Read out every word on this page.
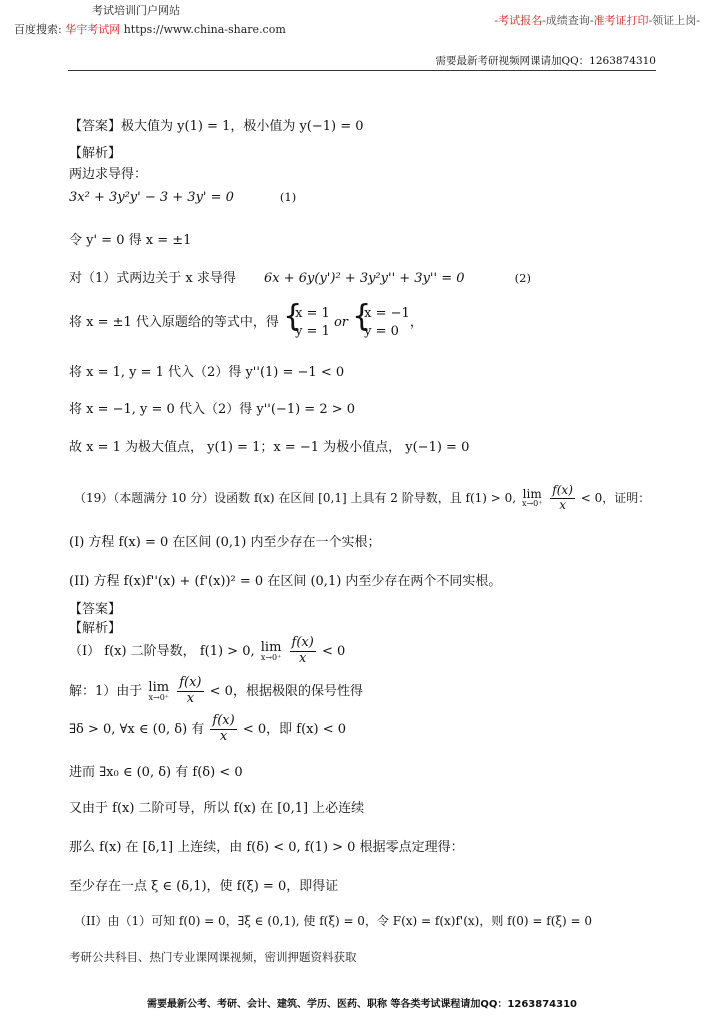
考试培训门户网站
百度搜索: 华宇考试网 https://www.china-share.com
-考试报名-成绩查询-准考证打印-领证上岗-
需要最新考研视频网课请加QQ：1263874310
【答案】极大值为 y(1) = 1，极小值为 y(−1) = 0
【解析】
两边求导得：
3x² + 3y²y' − 3 + 3y' = 0	(1)
令 y' = 0 得 x = ±1
对（1）式两边关于 x 求导得 6x + 6y(y')² + 3y²y'' + 3y'' = 0	(2)
将 x = ±1 代入原题给的等式中，得 { x = 1
y = 1 or { x = −1
y = 0，
将 x = 1, y = 1 代入（2）得 y''(1) = −1 < 0
将 x = −1, y = 0 代入（2）得 y''(−1) = 2 > 0
故 x = 1 为极大值点， y(1) = 1；x = −1 为极小值点， y(−1) = 0
（19）（本题满分 10 分）设函数 f(x) 在区间 [0,1] 上具有 2 阶导数，且 f(1) > 0, lim
x→0⁺
$\frac{f(x)}{x} < 0$，证明：
(I) 方程 f(x) = 0 在区间 (0,1) 内至少存在一个实根；
(II) 方程 f(x)f''(x) + (f'(x))² = 0 在区间 (0,1) 内至少存在两个不同实根。
【答案】
【解析】
（I） f(x) 二阶导数， f(1) > 0, lim
x→0⁺
$\frac{f(x)}{x} < 0$
解：1）由于 lim
x→0⁺
$\frac{f(x)}{x} < 0$，根据极限的保号性得
∃δ > 0, ∀x ∈ (0, δ) 有 $\frac{f(x)}{x} < 0$，即 f(x) < 0
进而 ∃x₀ ∈ (0, δ) 有 f(δ) < 0
又由于 f(x) 二阶可导，所以 f(x) 在 [0,1] 上必连续
那么 f(x) 在 [δ,1] 上连续，由 f(δ) < 0, f(1) > 0 根据零点定理得：
至少存在一点 ξ ∈ (δ,1)，使 f(ξ) = 0，即得证
（II）由（1）可知 f(0) = 0，∃ξ ∈ (0,1), 使 f(ξ) = 0，令 F(x) = f(x)f'(x)，则 f(0) = f(ξ) = 0
考研公共科目、热门专业课网课视频，密训押题资料获取
需要最新公考、考研、会计、建筑、学历、医药、职称 等各类考试课程请加QQ：1263874310
